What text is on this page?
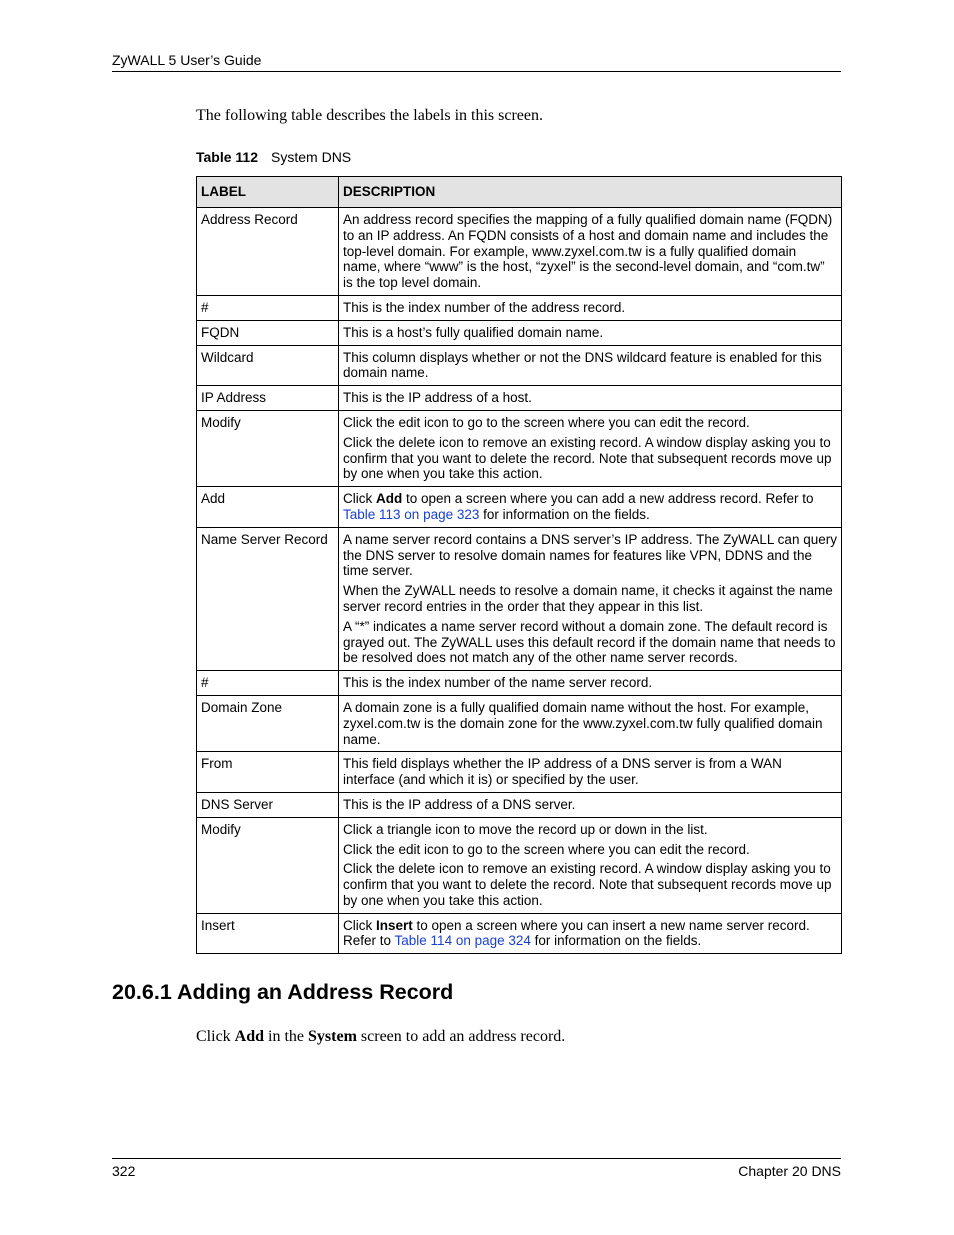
ZyWALL 5 User’s Guide
The following table describes the labels in this screen.
Table 112 System DNS
LABEL	DESCRIPTION
Address Record	An address record specifies the mapping of a fully qualified domain name (FQDN) to an IP address. An FQDN consists of a host and domain name and includes the top-level domain. For example, www.zyxel.com.tw is a fully qualified domain name, where “www” is the host, “zyxel” is the second-level domain, and “com.tw” is the top level domain.

#	This is the index number of the address record.

FQDN	This is a host’s fully qualified domain name.

Wildcard	This column displays whether or not the DNS wildcard feature is enabled for this domain name.

IP Address	This is the IP address of a host.

Modify	Click the edit icon to go to the screen where you can edit the record.

Click the delete icon to remove an existing record. A window display asking you to confirm that you want to delete the record. Note that subsequent records move up by one when you take this action.

Add	Click Add to open a screen where you can add a new address record. Refer to Table 113 on page 323 for information on the fields.

Name Server Record	A name server record contains a DNS server’s IP address. The ZyWALL can query the DNS server to resolve domain names for features like VPN, DDNS and the time server.

When the ZyWALL needs to resolve a domain name, it checks it against the name server record entries in the order that they appear in this list.

A “*” indicates a name server record without a domain zone. The default record is grayed out. The ZyWALL uses this default record if the domain name that needs to be resolved does not match any of the other name server records.

#	This is the index number of the name server record.

Domain Zone	A domain zone is a fully qualified domain name without the host. For example, zyxel.com.tw is the domain zone for the www.zyxel.com.tw fully qualified domain name.

From	This field displays whether the IP address of a DNS server is from a WAN interface (and which it is) or specified by the user.

DNS Server	This is the IP address of a DNS server.

Modify	Click a triangle icon to move the record up or down in the list.

Click the edit icon to go to the screen where you can edit the record.

Click the delete icon to remove an existing record. A window display asking you to confirm that you want to delete the record. Note that subsequent records move up by one when you take this action.

Insert	Click Insert to open a screen where you can insert a new name server record. Refer to Table 114 on page 324 for information on the fields.

20.6.1 Adding an Address Record
Click Add in the System screen to add an address record.
322	Chapter 20 DNS
